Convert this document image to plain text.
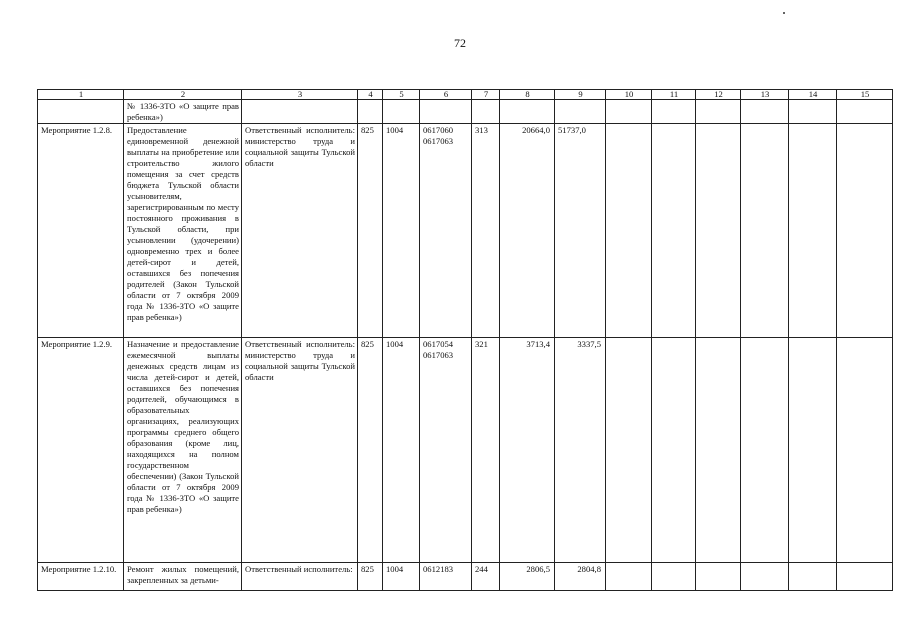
72
1	2	3	4	5	6	7	8	9	10	11	12	13	14	15
	№ 1336-ЗТО «О защите прав ребенка»)													
Мероприятие 1.2.8.	Предоставление единовременной денежной выплаты на приобретение или строительство жилого помещения за счет средств бюджета Тульской области усыновителям, зарегистрированным по месту постоянного проживания в Тульской области, при усыновлении (удочерении) одновременно трех и более детей-сирот и детей, оставшихся без попечения родителей (Закон Тульской области от 7 октября 2009 года № 1336-ЗТО «О защите прав ребенка»)	Ответственный исполнитель: министерство труда и социальной защиты Тульской области	825	1004	0617060 0617063	313	20664,0	51737,0						
Мероприятие 1.2.9.	Назначение и предоставление ежемесячной выплаты денежных средств лицам из числа детей-сирот и детей, оставшихся без попечения родителей, обучающимся в образовательных организациях, реализующих программы среднего общего образования (кроме лиц, находящихся на полном государственном обеспечении) (Закон Тульской области от 7 октября 2009 года № 1336-ЗТО «О защите прав ребенка»)	Ответственный исполнитель: министерство труда и социальной защиты Тульской области	825	1004	0617054 0617063	321	3713,4	3337,5						
Мероприятие 1.2.10.	Ремонт жилых помещений, закрепленных за детьми-	Ответственный исполнитель:	825	1004	0612183	244	2806,5	2804,8						
